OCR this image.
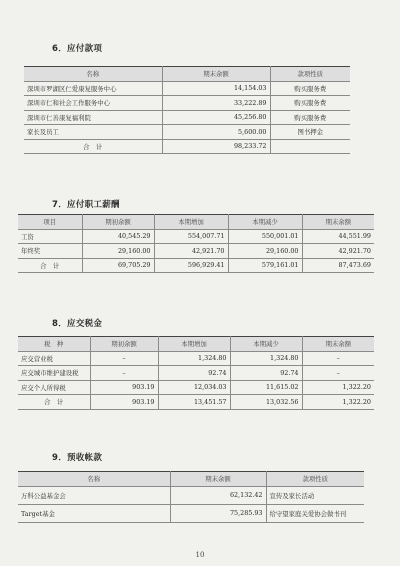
6．应付款项
名称	期末余额	款项性质
深圳市罗湖区仁爱康复服务中心	14,154.03	购买服务费
深圳市仁和社会工作服务中心	33,222.89	购买服务费
深圳市仁善康复福利院	45,256.80	购买服务费
家长及员工	5,600.00	图书押金
合　计	98,233.72	
7．应付职工薪酬
项目	期初余额	本期增加	本期减少	期末余额
工资	40,545.29	554,007.71	550,001.01	44,551.99
年终奖	29,160.00	42,921.70	29,160.00	42,921.70
合　计	69,705.29	596,929.41	579,161.01	87,473.69
8．应交税金
税　种	期初余额	本期增加	本期减少	期末余额
应交营业税	–	1,324.80	1,324.80	–
应交城市维护建设税	–	92.74	92.74	–
应交个人所得税	903.19	12,034.03	11,615.02	1,322.20
合　计	903.19	13,451.57	13,032.56	1,322.20
9．预收帐款
名称	期末余额	款项性质
万科公益基金会	62,132.42	宣传及家长活动
Target基金	75,285.93	给守望家庭关爱协会做书刊
10
